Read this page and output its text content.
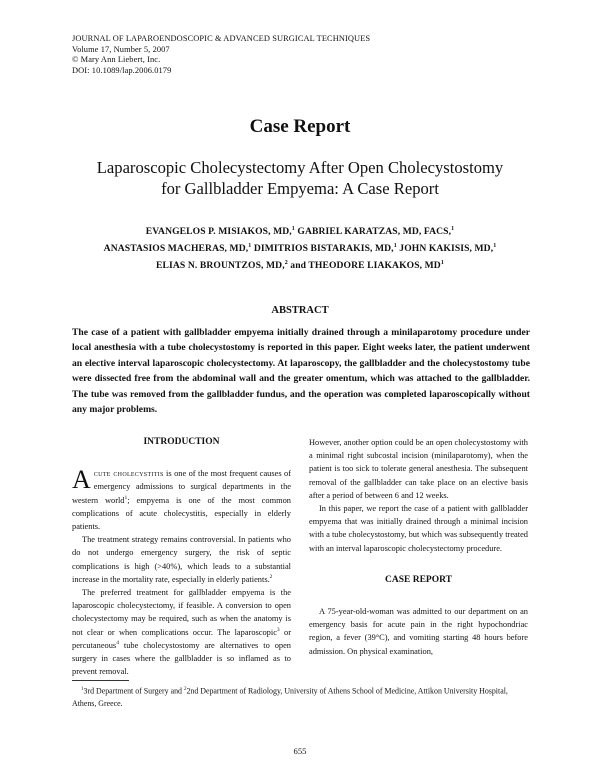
JOURNAL OF LAPAROENDOSCOPIC & ADVANCED SURGICAL TECHNIQUES
Volume 17, Number 5, 2007
© Mary Ann Liebert, Inc.
DOI: 10.1089/lap.2006.0179
Case Report
Laparoscopic Cholecystectomy After Open Cholecystostomy
for Gallbladder Empyema: A Case Report
EVANGELOS P. MISIAKOS, MD,$^1$ GABRIEL KARATZAS, MD, FACS,$^1$
ANASTASIOS MACHERAS, MD,$^1$ DIMITRIOS BISTARAKIS, MD,$^1$ JOHN KAKISIS, MD,$^1$
ELIAS N. BROUNTZOS, MD,$^2$ and THEODORE LIAKAKOS, $MD^1$
ABSTRACT
The case of a patient with gallbladder empyema initially drained through a minilaparotomy procedure under local anesthesia with a tube cholecystostomy is reported in this paper. Eight weeks later, the patient underwent an elective interval laparoscopic cholecystectomy. At laparoscopy, the gallbladder and the cholecystostomy tube were dissected free from the abdominal wall and the greater omentum, which was attached to the gallbladder. The tube was removed from the gallbladder fundus, and the operation was completed laparoscopically without any major problems.
INTRODUCTION

Acute cholecystitis is one of the most frequent causes of emergency admissions to surgical departments in the western world$^1$; empyema is one of the most common complications of acute cholecystitis, especially in elderly patients.

The treatment strategy remains controversial. In patients who do not undergo emergency surgery, the risk of septic complications is high (>40%), which leads to a substantial increase in the mortality rate, especially in elderly patients.$^2$

The preferred treatment for gallbladder empyema is the laparoscopic cholecystectomy, if feasible. A conversion to open cholecystectomy may be required, such as when the anatomy is not clear or when complications occur. The laparoscopic$^3$ or percutaneous$^4$ tube cholecystostomy are alternatives to open surgery in cases where the gallbladder is so inflamed as to prevent removal.

However, another option could be an open cholecystostomy with a minimal right subcostal incision (minilaparotomy), when the patient is too sick to tolerate general anesthesia. The subsequent removal of the gallbladder can take place on an elective basis after a period of between 6 and 12 weeks.

In this paper, we report the case of a patient with gallbladder empyema that was initially drained through a minimal incision with a tube cholecystostomy, but which was subsequently treated with an interval laparoscopic cholecystectomy procedure.

CASE REPORT

A 75-year-old-woman was admitted to our department on an emergency basis for acute pain in the right hypochondriac region, a fever (39°C), and vomiting starting 48 hours before admission. On physical examination,

$^1$3rd Department of Surgery and $^2$2nd Department of Radiology, University of Athens School of Medicine, Attikon University Hospital, Athens, Greece.
655
